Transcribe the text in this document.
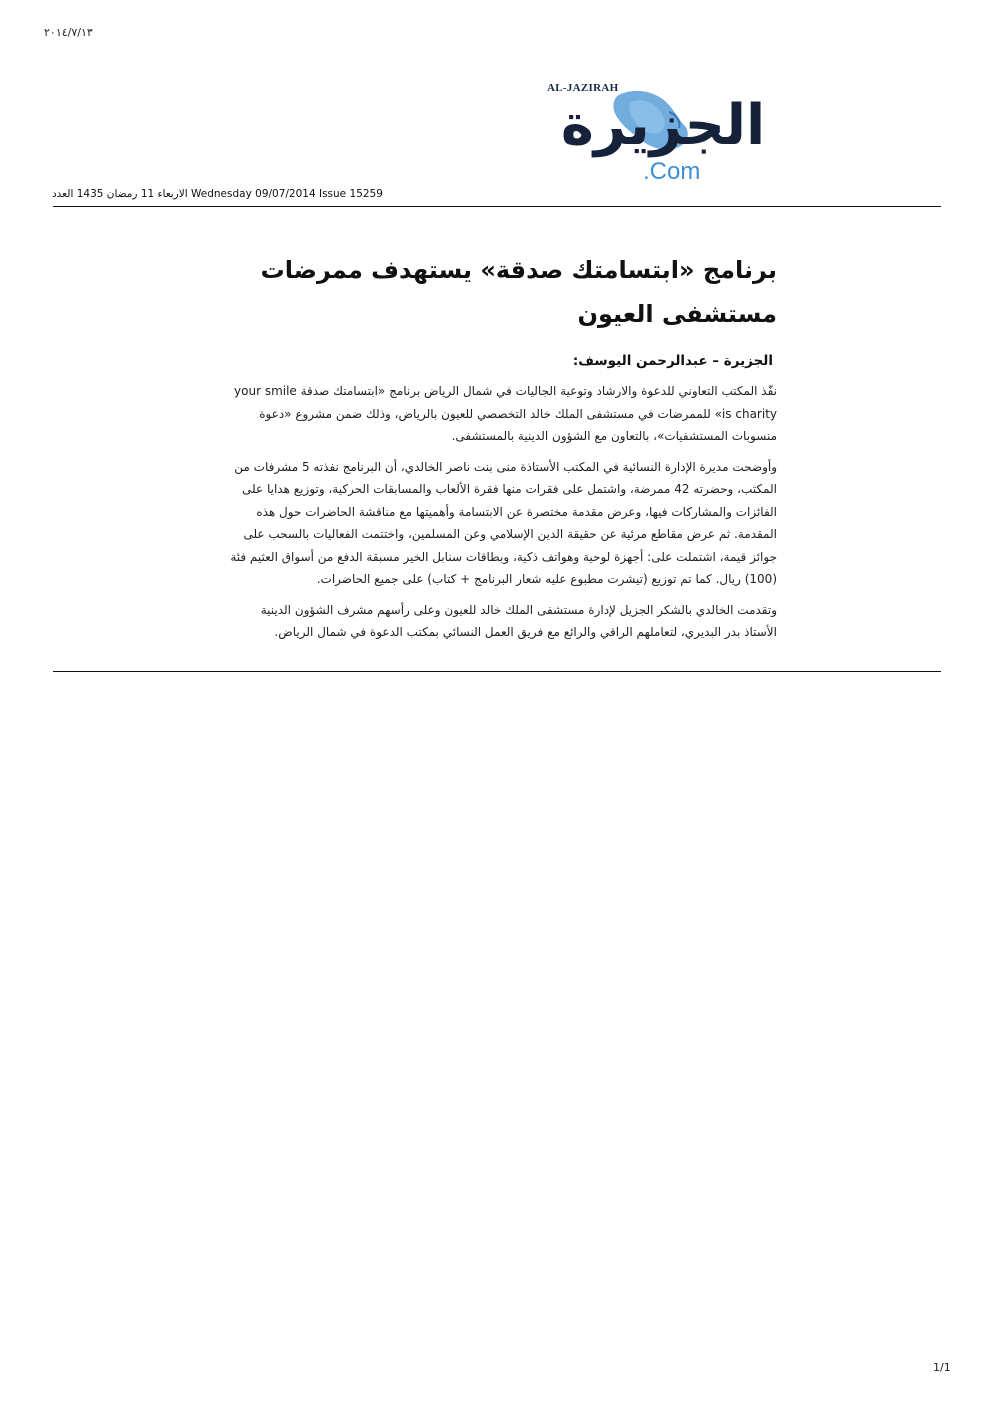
٢٠١٤/٧/١٣
AL-JAZIRAH
الجزيرة
.Com
الاربعاء 11 رمضان 1435 العدد Wednesday 09/07/2014 Issue 15259
برنامج «ابتسامتك صدقة» يستهدف ممرضات مستشفى العيون
الجزيرة – عبدالرحمن اليوسف:

نفّذ المكتب التعاوني للدعوة والارشاد وتوعية الجاليات في شمال الرياض برنامج «ابتسامتك صدقة your smile is charity» للممرضات في مستشفى الملك خالد التخصصي للعيون بالرياض، وذلك ضمن مشروع «دعوة منسوبات المستشفيات»، بالتعاون مع الشؤون الدينية بالمستشفى.

وأوضحت مديرة الإدارة النسائية في المكتب الأستاذة منى بنت ناصر الخالدي، أن البرنامج نفذته 5 مشرفات من المكتب، وحضرته 42 ممرضة، واشتمل على فقرات منها فقرة الألعاب والمسابقات الحركية، وتوزيع هدايا على الفائزات والمشاركات فيها، وعرض مقدمة مختصرة عن الابتسامة وأهميتها مع مناقشة الحاضرات حول هذه المقدمة. ثم عرض مقاطع مرئية عن حقيقة الدين الإسلامي وعن المسلمين، واختتمت الفعاليات بالسحب على جوائز قيمة، اشتملت على: أجهزة لوحية وهواتف ذكية، وبطاقات سنابل الخير مسبقة الدفع من أسواق العثيم فئة (100) ريال. كما تم توزيع (تيشرت مطبوع عليه شعار البرنامج + كتاب) على جميع الحاضرات.

وتقدمت الخالدي بالشكر الجزيل لإدارة مستشفى الملك خالد للعيون وعلى رأسهم مشرف الشؤون الدينية الأستاذ بدر البديري، لتعاملهم الراقي والرائع مع فريق العمل النسائي بمكتب الدعوة في شمال الرياض.

1/1
